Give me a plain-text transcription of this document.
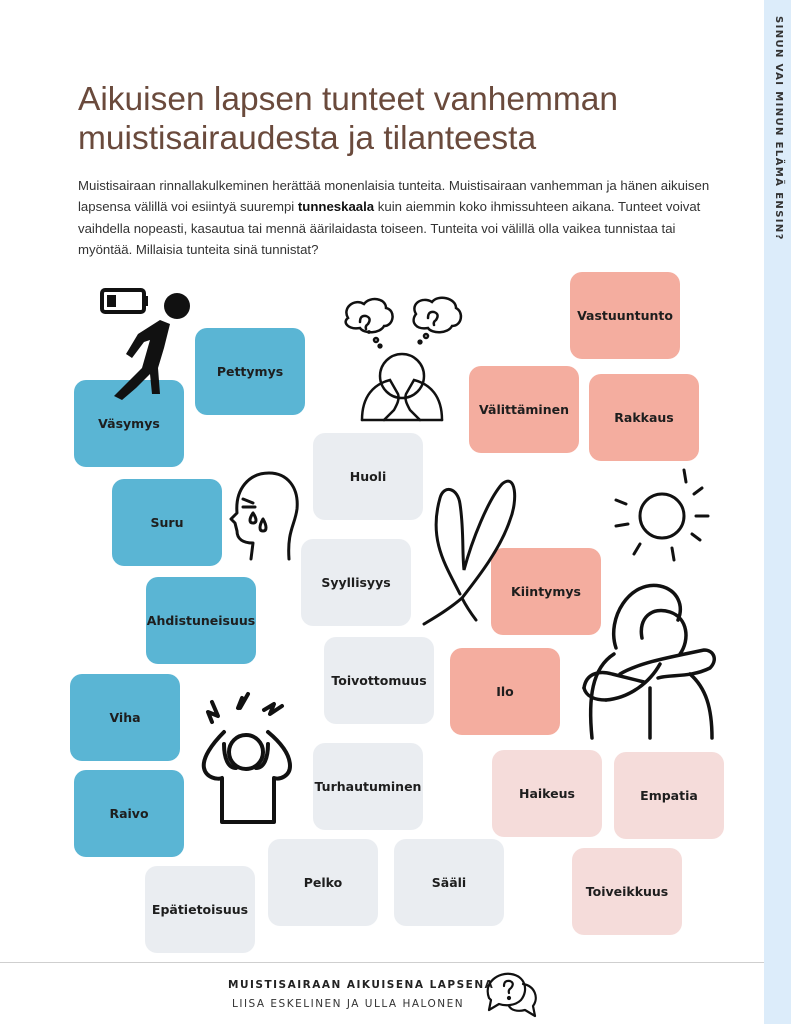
SINUN VAI MINUN ELÄMÄ ENSIN?
Aikuisen lapsen tunteet vanhemman muistisairaudesta ja tilanteesta

Muistisairaan rinnallakulkeminen herättää monenlaisia tunteita. Muistisairaan vanhemman ja hänen aikuisen lapsensa välillä voi esiintyä suurempi tunneskaala kuin aiemmin koko ihmissuhteen aikana. Tunteet voivat vaihdella nopeasti, kasautua tai mennä äärilaidasta toiseen. Tunteita voi välillä olla vaikea tunnistaa tai myöntää. Millaisia tunteita sinä tunnistat?

Väsymys
Pettymys
Suru
Ahdistuneisuus
Viha
Raivo
Huoli
Syyllisyys
Toivottomuus
Turhautuminen
Pelko	Sääli
Epätietoisuus
Vastuuntunto
Välittäminen
Rakkaus
Kiintymys
Ilo
Haikeus	Empatia
Toiveikkuus
MUISTISAIRAAN AIKUISENA LAPSENA
LIISA ESKELINEN JA ULLA HALONEN
